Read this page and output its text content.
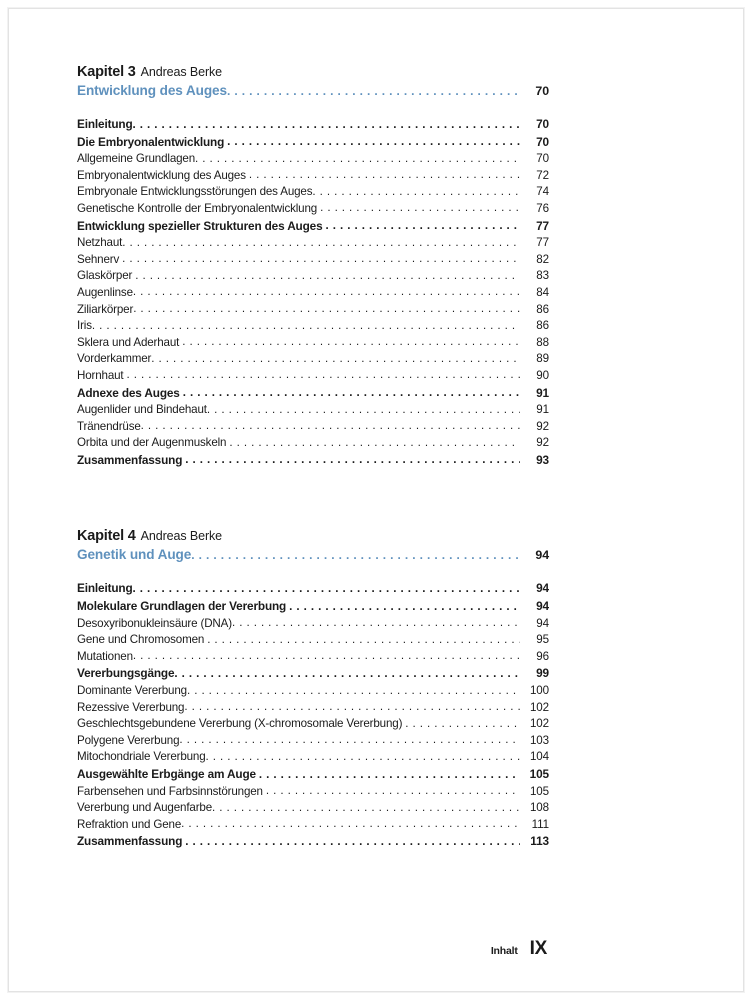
Kapitel 3 Andreas Berke
Entwicklung des Auges . . .	70
Einleitung . . .	70
Die Embryonalentwicklung . . .	70
Allgemeine Grundlagen . . .	70
Embryonalentwicklung des Auges . . .	72
Embryonale Entwicklungsstörungen des Auges . . .	74
Genetische Kontrolle der Embryonalentwicklung . . .	76
Entwicklung spezieller Strukturen des Auges . . .	77
Netzhaut . . .	77
Sehnerv . . .	82
Glaskörper . . .	83
Augenlinse . . .	84
Ziliarkörper . . .	86
Iris . . .	86
Sklera und Aderhaut . . .	88
Vorderkammer . . .	89
Hornhaut . . .	90
Adnexe des Auges . . .	91
Augenlider und Bindehaut . . .	91
Tränendrüse . . .	92
Orbita und der Augenmuskeln . . .	92
Zusammenfassung . . .	93
Kapitel 4 Andreas Berke
Genetik und Auge . . .	94
Einleitung . . .	94
Molekulare Grundlagen der Vererbung . . .	94
Desoxyribonukleinsäure (DNA) . . .	94
Gene und Chromosomen . . .	95
Mutationen . . .	96
Vererbungsgänge . . .	99
Dominante Vererbung . . .	100
Rezessive Vererbung . . .	102
Geschlechtsgebundene Vererbung (X-chromosomale Vererbung) . . .	102
Polygene Vererbung . . .	103
Mitochondriale Vererbung . . .	104
Ausgewählte Erbgänge am Auge . . .	105
Farbensehen und Farbsinnstörungen . . .	105
Vererbung und Augenfarbe . . .	108
Refraktion und Gene . . .	111
Zusammenfassung . . .	113
Inhalt IX
